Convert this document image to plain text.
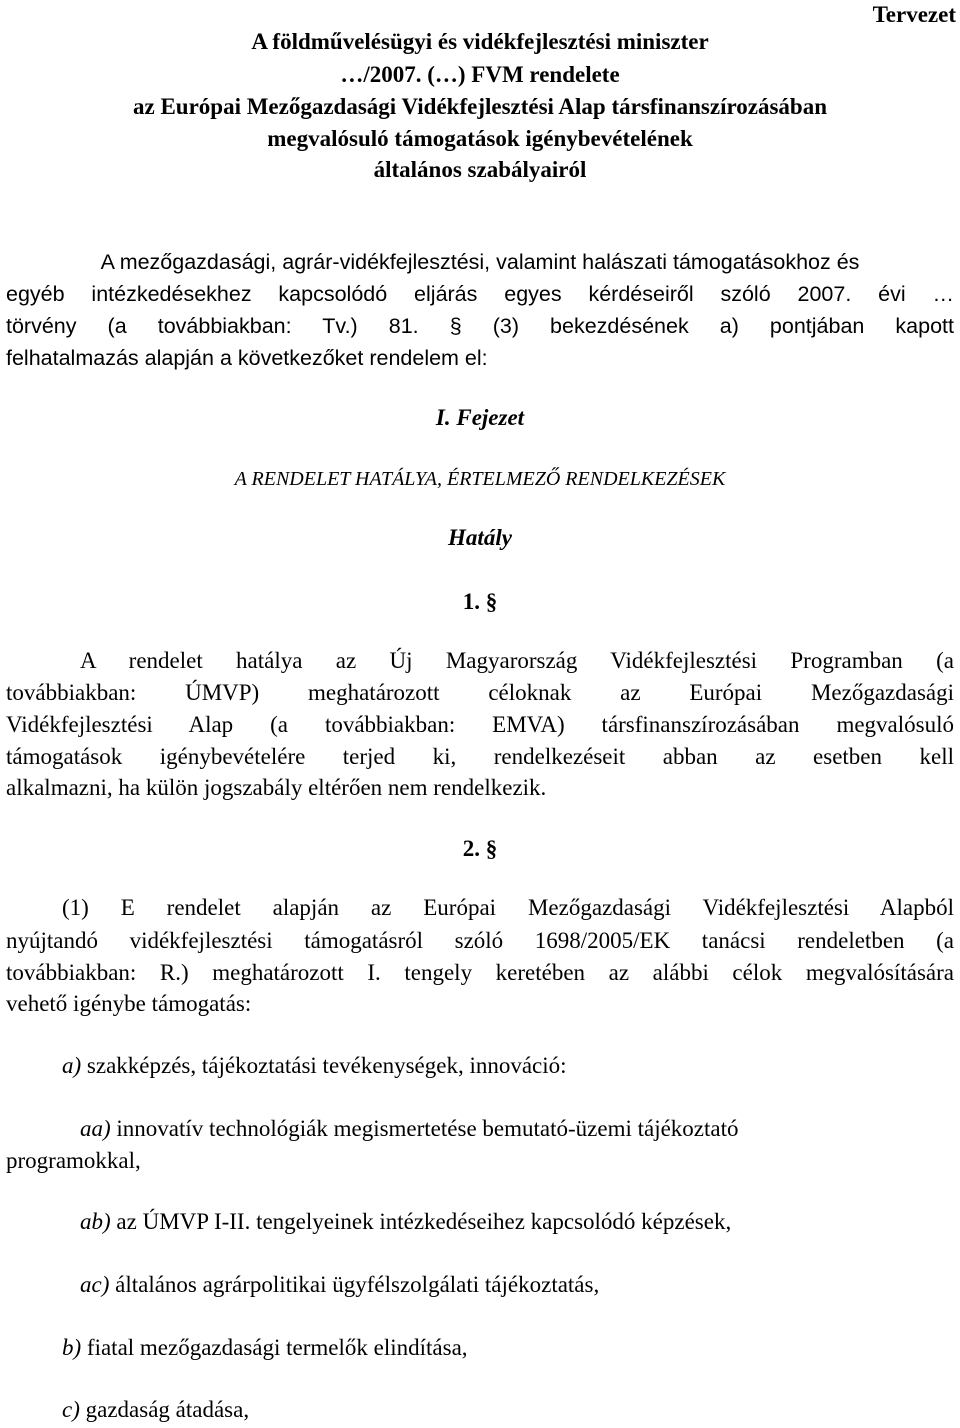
Tervezet
A földművelésügyi és vidékfejlesztési miniszter
…/2007. (…) FVM rendelete
az Európai Mezőgazdasági Vidékfejlesztési Alap társfinanszírozásában
megvalósuló támogatások igénybevételének
általános szabályairól
A mezőgazdasági, agrár-vidékfejlesztési, valamint halászati támogatásokhoz és
egyéb intézkedésekhez kapcsolódó eljárás egyes kérdéseiről szóló 2007. évi …
törvény (a továbbiakban: Tv.) 81. § (3) bekezdésének a) pontjában kapott
felhatalmazás alapján a következőket rendelem el:
I. Fejezet
A RENDELET HATÁLYA, ÉRTELMEZŐ RENDELKEZÉSEK
Hatály
1. §
A rendelet hatálya az Új Magyarország Vidékfejlesztési Programban (a
továbbiakban: ÚMVP) meghatározott céloknak az Európai Mezőgazdasági
Vidékfejlesztési Alap (a továbbiakban: EMVA) társfinanszírozásában megvalósuló
támogatások igénybevételére terjed ki, rendelkezéseit abban az esetben kell
alkalmazni, ha külön jogszabály eltérően nem rendelkezik.
2. §
(1) E rendelet alapján az Európai Mezőgazdasági Vidékfejlesztési Alapból
nyújtandó vidékfejlesztési támogatásról szóló 1698/2005/EK tanácsi rendeletben (a
továbbiakban: R.) meghatározott I. tengely keretében az alábbi célok megvalósítására
vehető igénybe támogatás:
a) szakképzés, tájékoztatási tevékenységek, innováció:
aa) innovatív technológiák megismertetése bemutató-üzemi tájékoztató
programokkal,
ab) az ÚMVP I-II. tengelyeinek intézkedéseihez kapcsolódó képzések,
ac) általános agrárpolitikai ügyfélszolgálati tájékoztatás,
b) fiatal mezőgazdasági termelők elindítása,
c) gazdaság átadása,
